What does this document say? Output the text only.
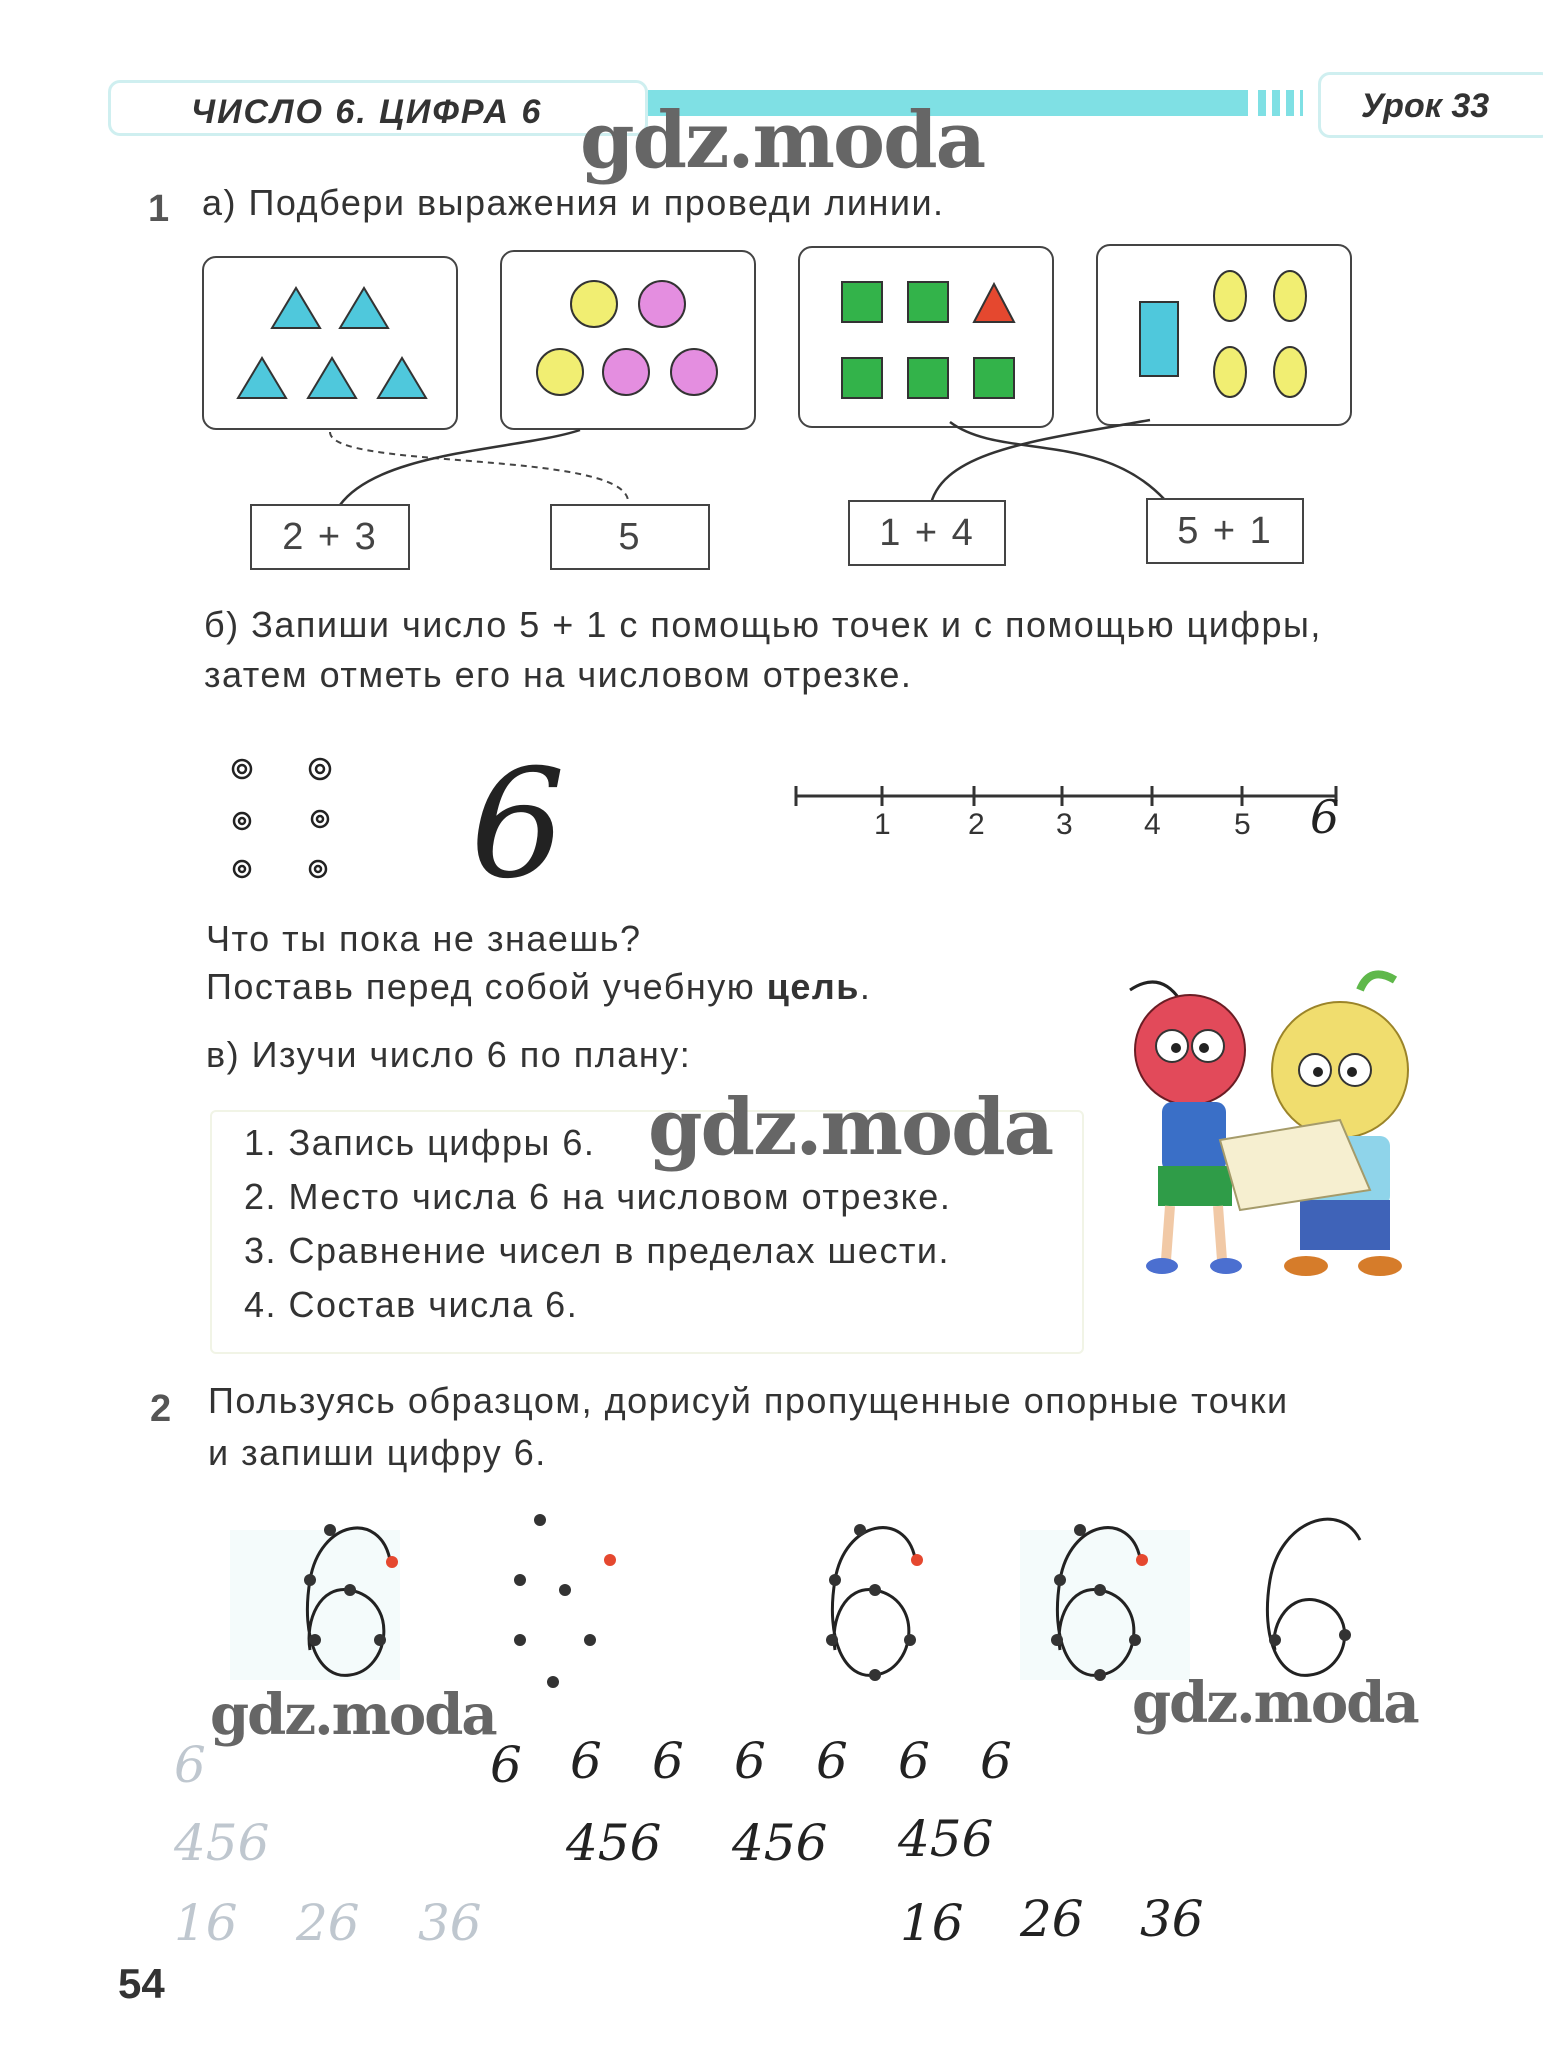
ЧИСЛО 6. ЦИФРА 6	Урок 33
gdz.moda
1 а) Подбери выражения и проведи линии.
2 + 3	5	1 + 4	5 + 1
б) Запиши число 5 + 1 с помощью точек и с помощью цифры,
затем отметь его на числовом отрезке.
6	1	2 3 4 5 6
Что ты пока не знаешь?
Поставь перед собой учебную цель.
в) Изучи число 6 по плану:
1. Запись цифры 6.
2. Место числа 6 на числовом отрезке.
3. Сравнение чисел в пределах шести.
4. Состав числа 6.
gdz.moda
2 Пользуясь образцом, дорисуй пропущенные опорные точки
и запиши цифру 6.
gdz.moda	gdz.moda
6	6 6 6 6 6 6 6
456	456 456 456
16 26 36	16 26 36
54
